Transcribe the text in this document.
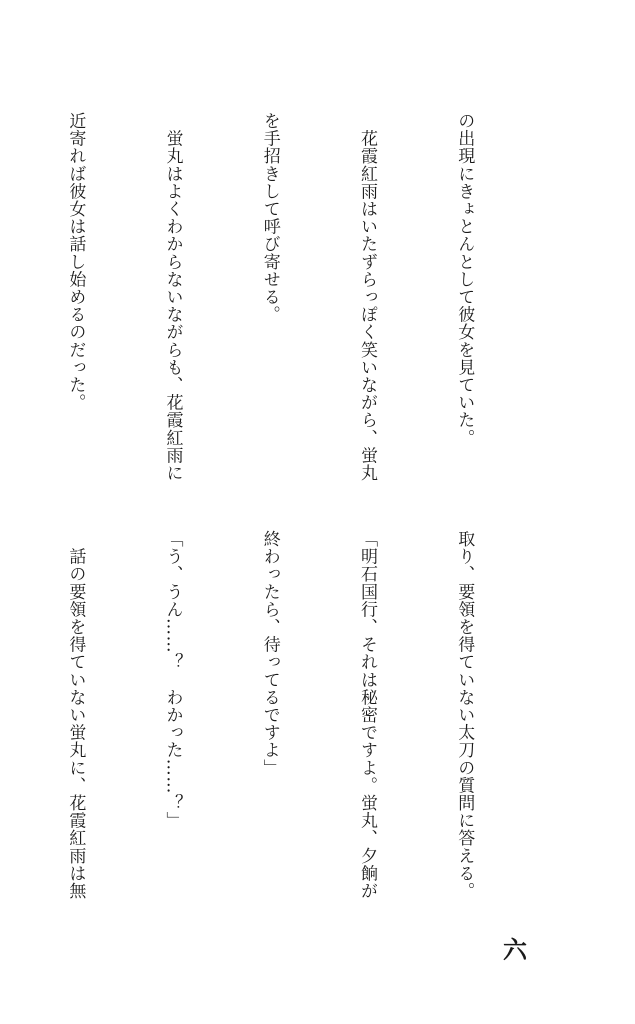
の出現にきょとんとして彼女を見ていた。

　花霞紅雨はいたずらっぽく笑いながら、蛍丸

を手招きして呼び寄せる。

　蛍丸はよくわからないながらも、花霞紅雨に

近寄れば彼女は話し始めるのだった。

取り、要領を得ていない太刀の質問に答える。

「明石国行、それは秘密ですよ。蛍丸、夕餉が

終わったら、待ってるですよ」

「う、うん……？　わかった……？」

　話の要領を得ていない蛍丸に、花霞紅雨は無

六
